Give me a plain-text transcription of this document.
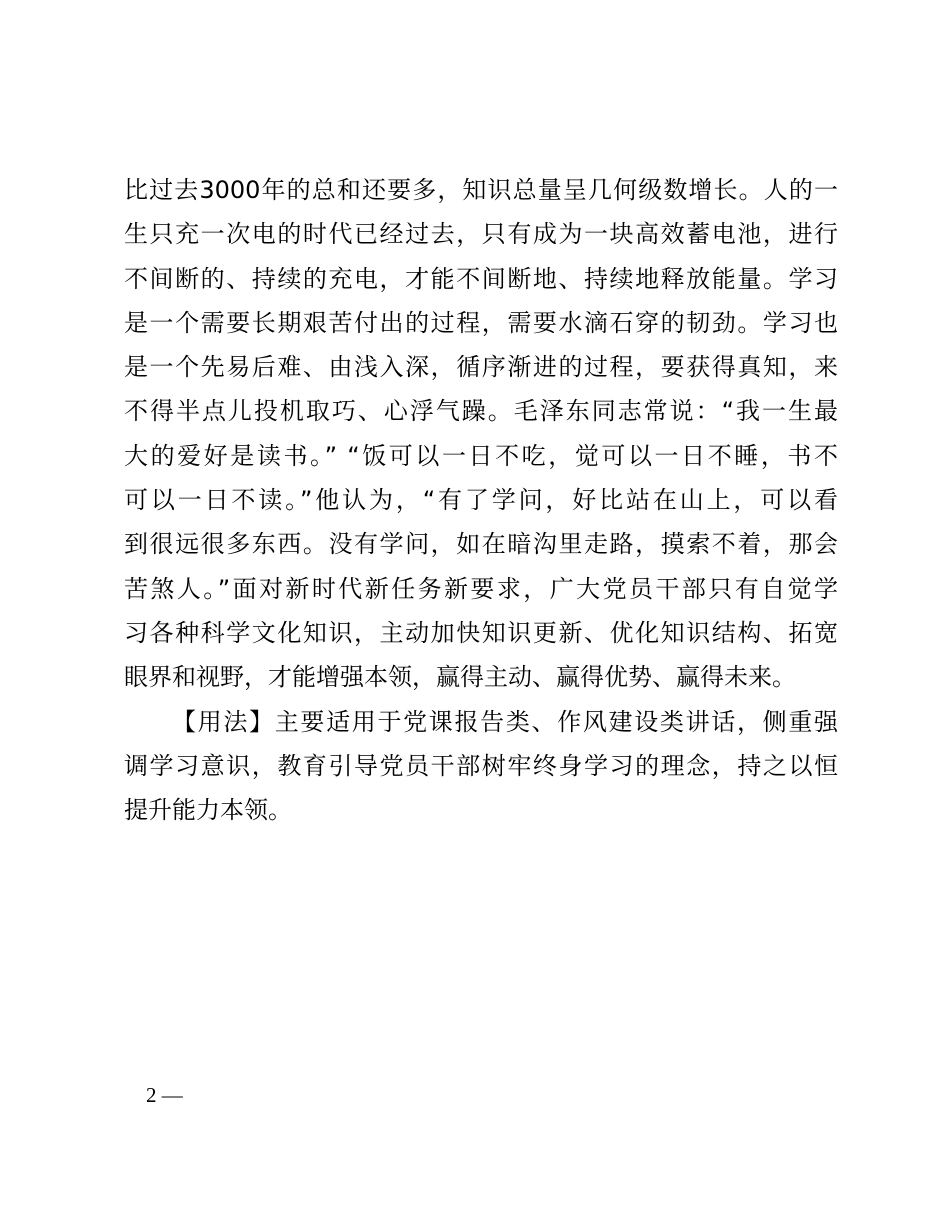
比过去3000年的总和还要多，知识总量呈几何级数增长。人的一
生只充一次电的时代已经过去，只有成为一块高效蓄电池，进行
不间断的、持续的充电，才能不间断地、持续地释放能量。学习
是一个需要长期艰苦付出的过程，需要水滴石穿的韧劲。学习也
是一个先易后难、由浅入深，循序渐进的过程，要获得真知，来
不得半点儿投机取巧、心浮气躁。毛泽东同志常说：“我一生最
大的爱好是读书。” “饭可以一日不吃，觉可以一日不睡，书不
可以一日不读。”他认为，“有了学问，好比站在山上，可以看
到很远很多东西。没有学问，如在暗沟里走路，摸索不着，那会
苦煞人。”面对新时代新任务新要求，广大党员干部只有自觉学
习各种科学文化知识，主动加快知识更新、优化知识结构、拓宽
眼界和视野，才能增强本领，赢得主动、赢得优势、赢得未来。

【用法】主要适用于党课报告类、作风建设类讲话，侧重强
调学习意识，教育引导党员干部树牢终身学习的理念，持之以恒
提升能力本领。

2 —
